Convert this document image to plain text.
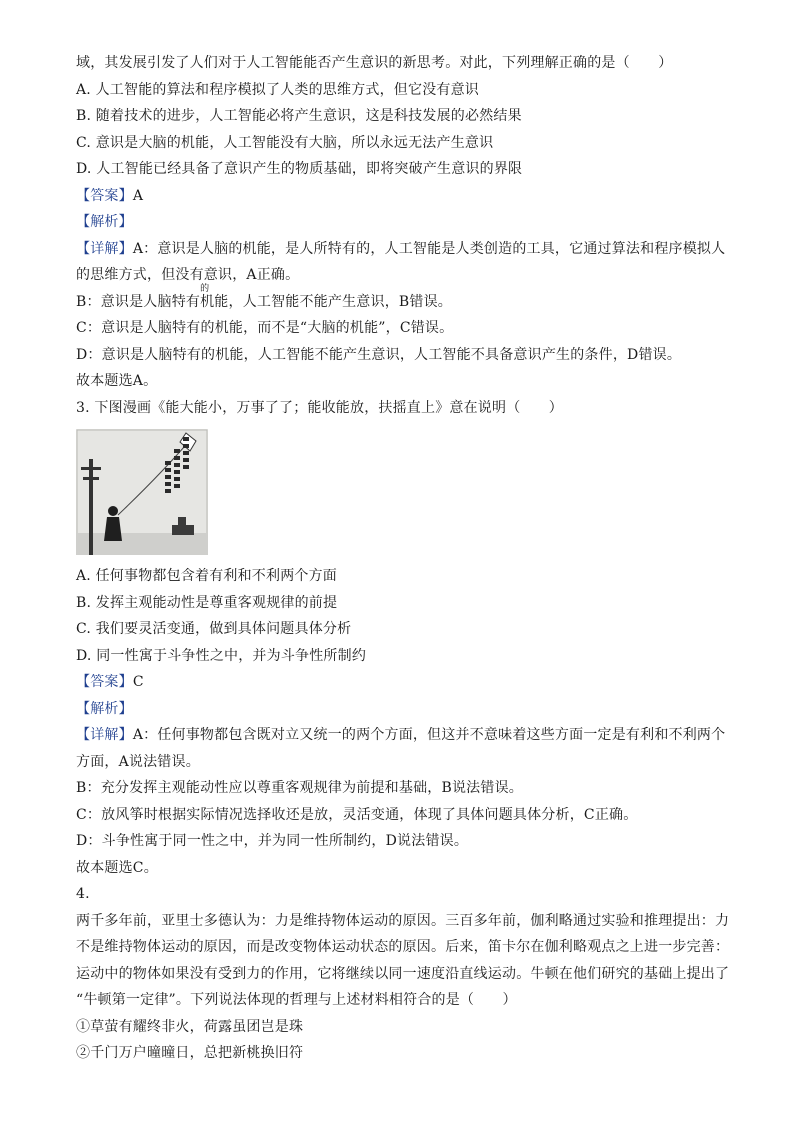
域，其发展引发了人们对于人工智能能否产生意识的新思考。对此，下列理解正确的是（　　）
A. 人工智能的算法和程序模拟了人类的思维方式，但它没有意识
B. 随着技术的进步，人工智能必将产生意识，这是科技发展的必然结果
C. 意识是大脑的机能，人工智能没有大脑，所以永远无法产生意识
D. 人工智能已经具备了意识产生的物质基础，即将突破产生意识的界限
【答案】A
【解析】
【详解】A：意识是人脑的机能，是人所特有的，人工智能是人类创造的工具，它通过算法和程序模拟人
的思维方式，但没有意识，A正确。
B：意识是人脑特有
的
机能，人工智能不能产生意识，B错误。
C：意识是人脑特有的机能，而不是“大脑的机能”，C错误。
D：意识是人脑特有的机能，人工智能不能产生意识，人工智能不具备意识产生的条件，D错误。
故本题选A。
3. 下图漫画《能大能小，万事了了；能收能放，扶摇直上》意在说明（　　）
A. 任何事物都包含着有利和不利两个方面
B. 发挥主观能动性是尊重客观规律的前提
C. 我们要灵活变通，做到具体问题具体分析
D. 同一性寓于斗争性之中，并为斗争性所制约
【答案】C
【解析】
【详解】A：任何事物都包含既对立又统一的两个方面，但这并不意味着这些方面一定是有利和不利两个
方面，A说法错误。
B：充分发挥主观能动性应以尊重客观规律为前提和基础，B说法错误。
C：放风筝时根据实际情况选择收还是放，灵活变通，体现了具体问题具体分析，C正确。
D：斗争性寓于同一性之中，并为同一性所制约，D说法错误。
故本题选C。
4.
两千多年前，亚里士多德认为：力是维持物体运动的原因。三百多年前，伽利略通过实验和推理提出：力
不是维持物体运动的原因，而是改变物体运动状态的原因。后来，笛卡尔在伽利略观点之上进一步完善：
运动中的物体如果没有受到力的作用，它将继续以同一速度沿直线运动。牛顿在他们研究的基础上提出了
“牛顿第一定律”。下列说法体现的哲理与上述材料相符合的是（　　）
①草萤有耀终非火，荷露虽团岂是珠
②千门万户曈曈日，总把新桃换旧符
